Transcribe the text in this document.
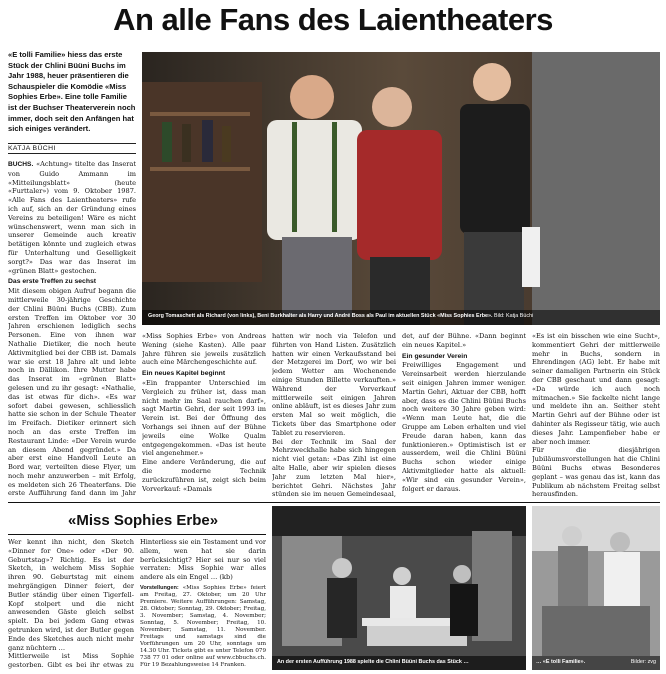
An alle Fans des Laientheaters
«E tolli Familie» hiess das erste Stück der Chlini Büüni Buchs im Jahr 1988, heuer präsentieren die Schauspieler die Komödie «Miss Sophies Erbe». Eine tolle Familie ist der Buchser Theaterverein noch immer, doch seit den Anfängen hat sich einiges verändert.
KATJA BÜCHI

BUCHS. «Achtung» titelte das Inserat von Guido Ammann im «Mitteilungsblatt» (heute «Furttaler») vom 9. Oktober 1987. «Alle Fans des Laientheaters» rufe ich auf, sich an der Gründung eines Vereins zu beteiligen! Wäre es nicht wünschenswert, wenn man sich in unserer Gemeinde auch kreativ betätigen könnte und zugleich etwas für Unterhaltung und Geselligkeit sorgt?» Das war das Inserat im «grünen Blatt» gestochen.

Das erste Treffen zu sechst

Mit diesem obigen Aufruf begann die mittlerweile 30-jährige Geschichte der Chlini Büüni Buchs (CBB). Zum ersten Treffen im Oktober vor 30 Jahren erschienen lediglich sechs Personen. Eine von ihnen war Nathalie Dietiker, die noch heute Aktivmitglied bei der CBB ist. Damals war sie erst 18 Jahre alt und lebte noch in Dällikon. Ihre Mutter habe das Inserat im «grünen Blatt» gelesen und zu ihr gesagt: «Nathalie, das ist etwas für dich». «Es war sofort dabei gewesen, schliesslich hatte sie schon in der Schule Theater im Freifach. Dietiker erinnert sich noch an das erste Treffen im Restaurant Linde: «Der Verein wurde an diesem Abend gegründet.» Da aber erst eine Handvoll Leute an Bord war, verteilten diese Flyer, um noch mehr anzuwerben – mit Erfolg, es meldeten sich 26 Theaterfans. Die erste Aufführung fand dann im Jahr

Georg Tomaschett als Richard (von links), Beni Burkhalter als Harry und André Boss als Paul im aktuellen Stück «Miss Sophies Erbe». Bild: Katja Büchi

«Miss Sophies Erbe» von Andreas Wening (siehe Kasten). Alle paar Jahre führen sie jeweils zusätzlich auch eine Märchengeschichte auf.

Ein neues Kapitel beginnt

«Ein frappanter Unterschied im Vergleich zu früher ist, dass man nicht mehr im Saal rauchen darf», sagt Martin Gehri, der seit 1993 im Verein ist. Bei der Öffnung des Vorhangs sei ihnen auf der Bühne jeweils eine Wolke Qualm entgegengekommen. «Das ist heute viel angenehmer.»

Eine andere Veränderung, die auf die moderne Technik zurückzuführen ist, zeigt sich beim Vorverkauf: «Damals

hatten wir noch via Telefon und führten von Hand Listen. Zusätzlich hatten wir einen Verkaufsstand bei der Metzgerei im Dorf, wo wir bei jedem Wetter am Wochenende einige Stunden Billette verkauften.» Während der Vorverkauf mittlerweile seit einigen Jahren online abläuft, ist es dieses Jahr zum ersten Mal so weit möglich, die Tickets über das Smartphone oder Tablet zu reservieren.

Bei der Technik im Saal der Mehrzweckhalle habe sich hingegen nicht viel getan: «Das Zihl ist eine alte Halle, aber wir spielen dieses Jahr zum letzten Mal hier», berichtet Gehri. Nächstes Jahr stünden sie im neuen Gemeindesaal,

det, auf der Bühne. «Dann beginnt ein neues Kapitel.»

Ein gesunder Verein

Freiwilliges Engagement und Vereinsarbeit werden hierzulande seit einigen Jahren immer weniger. Martin Gehri, Aktuar der CBB, hofft aber, dass es die Chlini Büüni Buchs noch weitere 30 Jahre geben wird: «Wenn man Leute hat, die die Gruppe am Leben erhalten und viel Freude daran haben, kann das funktionieren.» Optimistisch ist er ausserdem, weil die Chlini Büüni Buchs schon wieder einige Aktivmitglieder hatte als aktuell: «Wir sind ein gesunder Verein», folgert er daraus.

«Es ist ein bisschen wie eine Sucht», kommentiert Gehri der mittlerweile mehr in Buchs, sondern in Ehrendingen (AG) lebt. Er habe mit seiner damaligen Partnerin ein Stück der CBB geschaut und dann gesagt: «Da würde ich auch noch mitmachen.» Sie fackelte nicht lange und meldete ihn an. Seither steht Martin Gehri auf der Bühne oder ist dahinter als Regisseur tätig, wie auch dieses Jahr. Lampenfieber habe er aber noch immer.

Für die diesjährigen Jubiläumsvorstellungen hat die Chlini Büüni Buchs etwas Besonderes geplant – was genau das ist, kann das Publikum ab nächstem Freitag selbst herausfinden.

«Miss Sophies Erbe»

Wer kennt ihn nicht, den Sketch «Dinner for One» oder «Der 90. Geburtstag»? Richtig. Es ist der Sketch, in welchem Miss Sophie ihren 90. Geburtstag mit einem mehrgängigen Dinner feiert, der Butler ständig über einen Tigerfell-Kopf stolpert und die nicht anwesenden Gäste gleich selbst spielt. Da bei jedem Gang etwas getrunken wird, ist der Butler gegen Ende des Sketches auch nicht mehr ganz nüchtern …

Mittlerweile ist Miss Sophie gestorben. Gibt es bei ihr etwas zu

Hinterliess sie ein Testament und vor allem, wen hat sie darin berücksichtigt? Hier sei nur so viel verraten: Miss Sophie war alles andere als ein Engel … (kb)

Vorstellungen: «Miss Sophies Erbe» feiert am Freitag, 27. Oktober, um 20 Uhr Premiere. Weitere Aufführungen: Samstag, 28. Oktober; Sonntag, 29. Oktober; Freitag, 3. November; Samstag, 4. November; Sonntag, 5. November; Freitag, 10. November; Samstag, 11. November. Freitags und samstags sind die Vorführungen um 20 Uhr, sonntags um 14.30 Uhr. Tickets gibt es unter Telefon 079 738 77 01 oder online auf www.cbbuchs.ch. Für 19 Bezahlungsweise 14 Franken.	An der ersten Aufführung 1988 spielte die Chlini Büüni Buchs das Stück …	… «E tolli Familie».	Bilder: zvg
